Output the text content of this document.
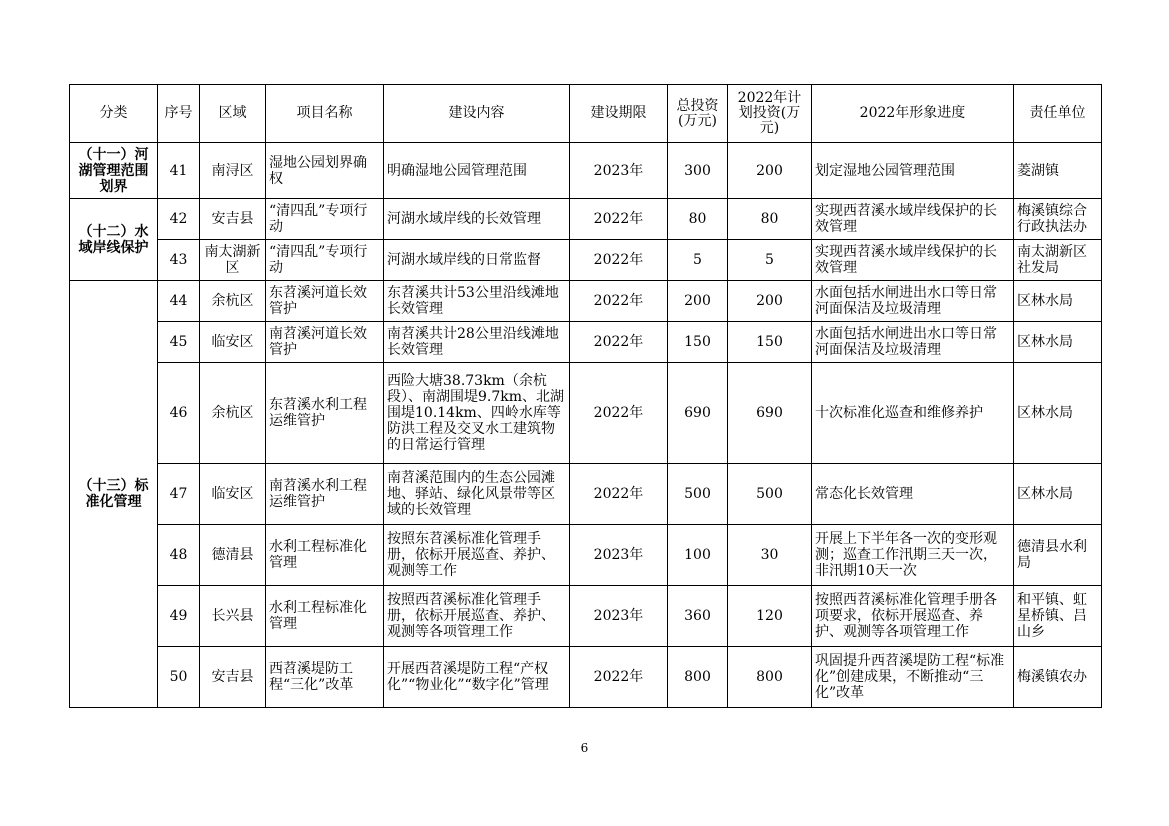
分类	序号	区域	项目名称	建设内容	建设期限	总投资(万元)	2022年计划投资(万元)	2022年形象进度	责任单位
（十一）河湖管理范围划界	41	南浔区	湿地公园划界确权	明确湿地公园管理范围	2023年	300	200	划定湿地公园管理范围	菱湖镇
（十二）水域岸线保护	42	安吉县	“清四乱”专项行动	河湖水域岸线的长效管理	2022年	80	80	实现西苕溪水域岸线保护的长效管理	梅溪镇综合行政执法办
	43	南太湖新区	“清四乱”专项行动	河湖水域岸线的日常监督	2022年	5	5	实现西苕溪水域岸线保护的长效管理	南太湖新区社发局
（十三）标准化管理	44	余杭区	东苕溪河道长效管护	东苕溪共计53公里沿线滩地长效管理	2022年	200	200	水面包括水闸进出水口等日常河面保洁及垃圾清理	区林水局
	45	临安区	南苕溪河道长效管护	南苕溪共计28公里沿线滩地长效管理	2022年	150	150	水面包括水闸进出水口等日常河面保洁及垃圾清理	区林水局
	46	余杭区	东苕溪水利工程运维管护	西险大塘38.73km（余杭段）、南湖围堤9.7km、北湖围堤10.14km、四岭水库等防洪工程及交叉水工建筑物的日常运行管理	2022年	690	690	十次标准化巡查和维修养护	区林水局
	47	临安区	南苕溪水利工程运维管护	南苕溪范围内的生态公园滩地、驿站、绿化风景带等区域的长效管理	2022年	500	500	常态化长效管理	区林水局
	48	德清县	水利工程标准化管理	按照东苕溪标准化管理手册，依标开展巡查、养护、观测等工作	2023年	100	30	开展上下半年各一次的变形观测；巡查工作汛期三天一次，非汛期10天一次	德清县水利局
	49	长兴县	水利工程标准化管理	按照西苕溪标准化管理手册，依标开展巡查、养护、观测等各项管理工作	2023年	360	120	按照西苕溪标准化管理手册各项要求，依标开展巡查、养护、观测等各项管理工作	和平镇、虹星桥镇、吕山乡
	50	安吉县	西苕溪堤防工程“三化”改革	开展西苕溪堤防工程“产权化”“物业化”“数字化”管理	2022年	800	800	巩固提升西苕溪堤防工程“标准化”创建成果，不断推动“三化”改革	梅溪镇农办
6
